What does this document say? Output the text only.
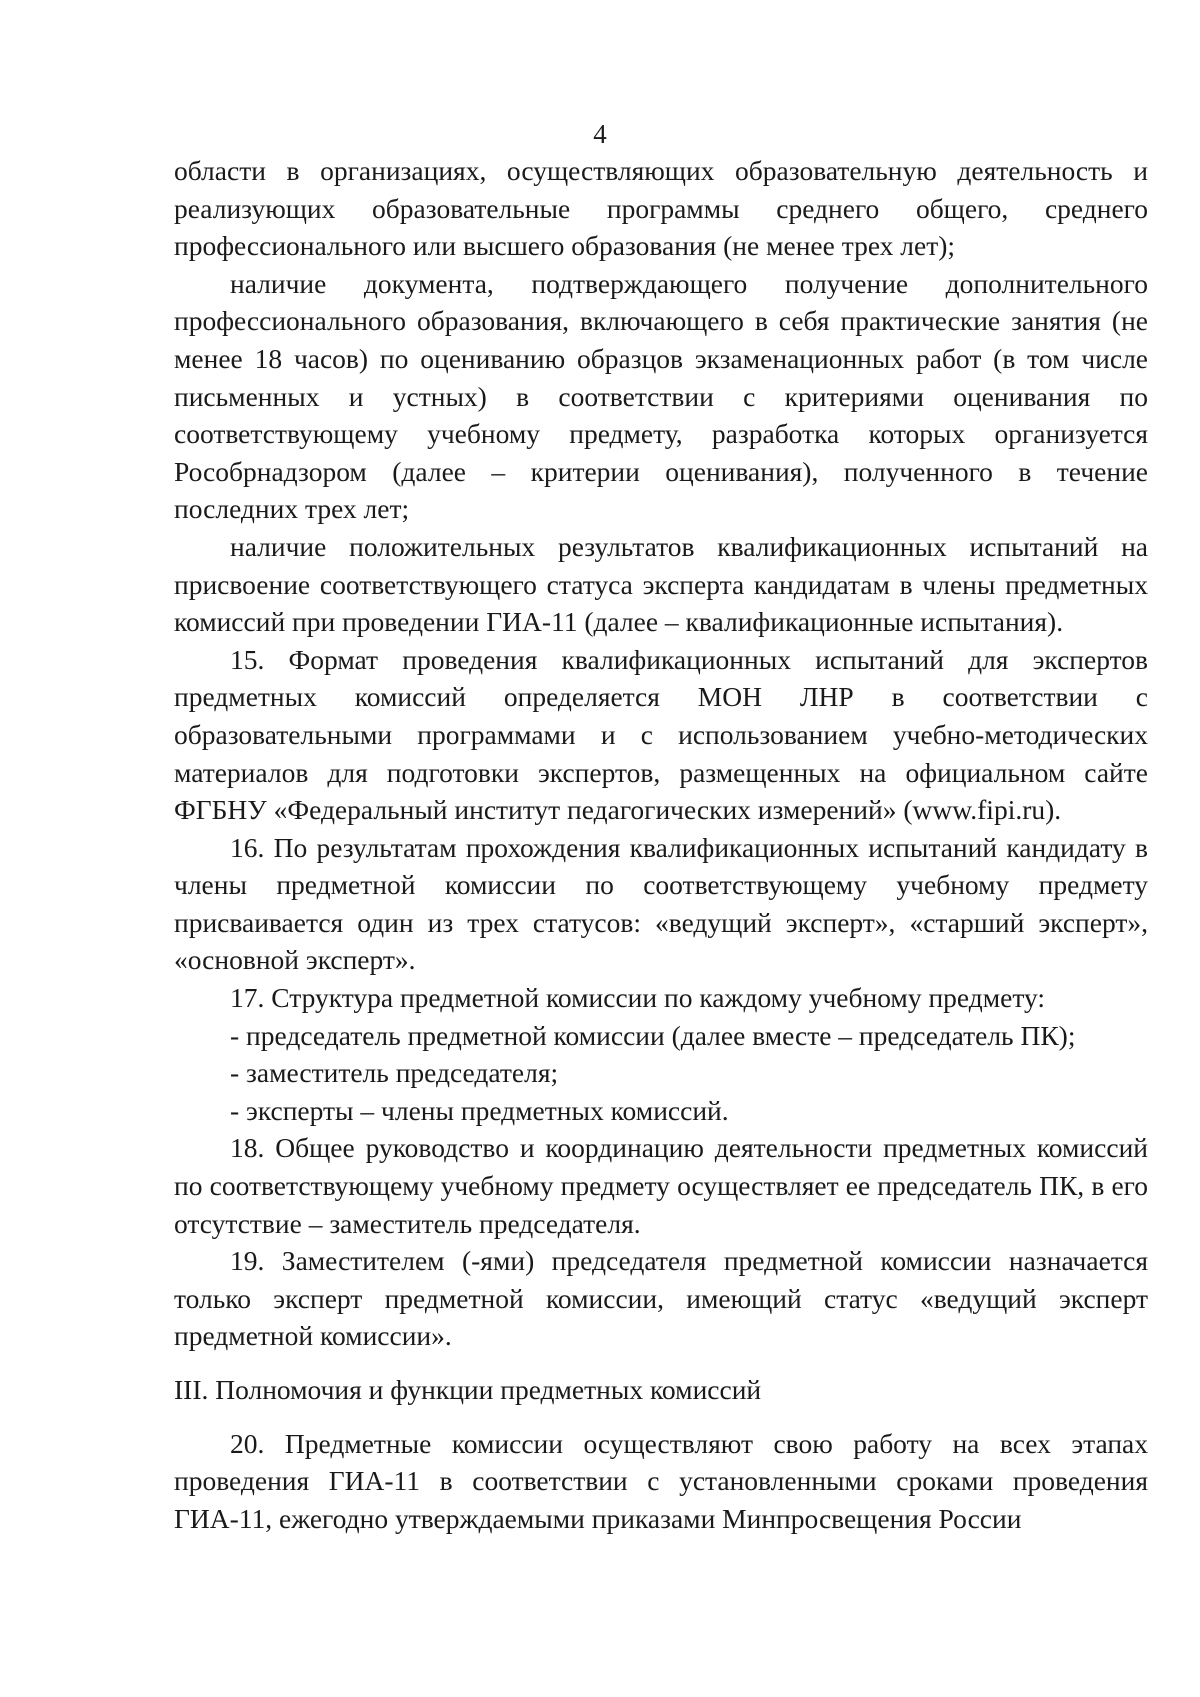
4

области в организациях, осуществляющих образовательную деятельность и реализующих образовательные программы среднего общего, среднего профессионального или высшего образования (не менее трех лет);

наличие документа, подтверждающего получение дополнительного профессионального образования, включающего в себя практические занятия (не менее 18 часов) по оцениванию образцов экзаменационных работ (в том числе письменных и устных) в соответствии с критериями оценивания по соответствующему учебному предмету, разработка которых организуется Рособрнадзором (далее – критерии оценивания), полученного в течение последних трех лет;

наличие положительных результатов квалификационных испытаний на присвоение соответствующего статуса эксперта кандидатам в члены предметных комиссий при проведении ГИА-11 (далее – квалификационные испытания).

15. Формат проведения квалификационных испытаний для экспертов предметных комиссий определяется МОН ЛНР в соответствии с образовательными программами и с использованием учебно-методических материалов для подготовки экспертов, размещенных на официальном сайте ФГБНУ «Федеральный институт педагогических измерений» (www.fipi.ru).

16. По результатам прохождения квалификационных испытаний кандидату в члены предметной комиссии по соответствующему учебному предмету присваивается один из трех статусов: «ведущий эксперт», «старший эксперт», «основной эксперт».

17. Структура предметной комиссии по каждому учебному предмету:

- председатель предметной комиссии (далее вместе – председатель ПК);

- заместитель председателя;

- эксперты – члены предметных комиссий.

18. Общее руководство и координацию деятельности предметных комиссий по соответствующему учебному предмету осуществляет ее председатель ПК, в его отсутствие – заместитель председателя.

19. Заместителем (-ями) председателя предметной комиссии назначается только эксперт предметной комиссии, имеющий статус «ведущий эксперт предметной комиссии».

III. Полномочия и функции предметных комиссий

20. Предметные комиссии осуществляют свою работу на всех этапах проведения ГИА-11 в соответствии с установленными сроками проведения ГИА-11, ежегодно утверждаемыми приказами Минпросвещения России
